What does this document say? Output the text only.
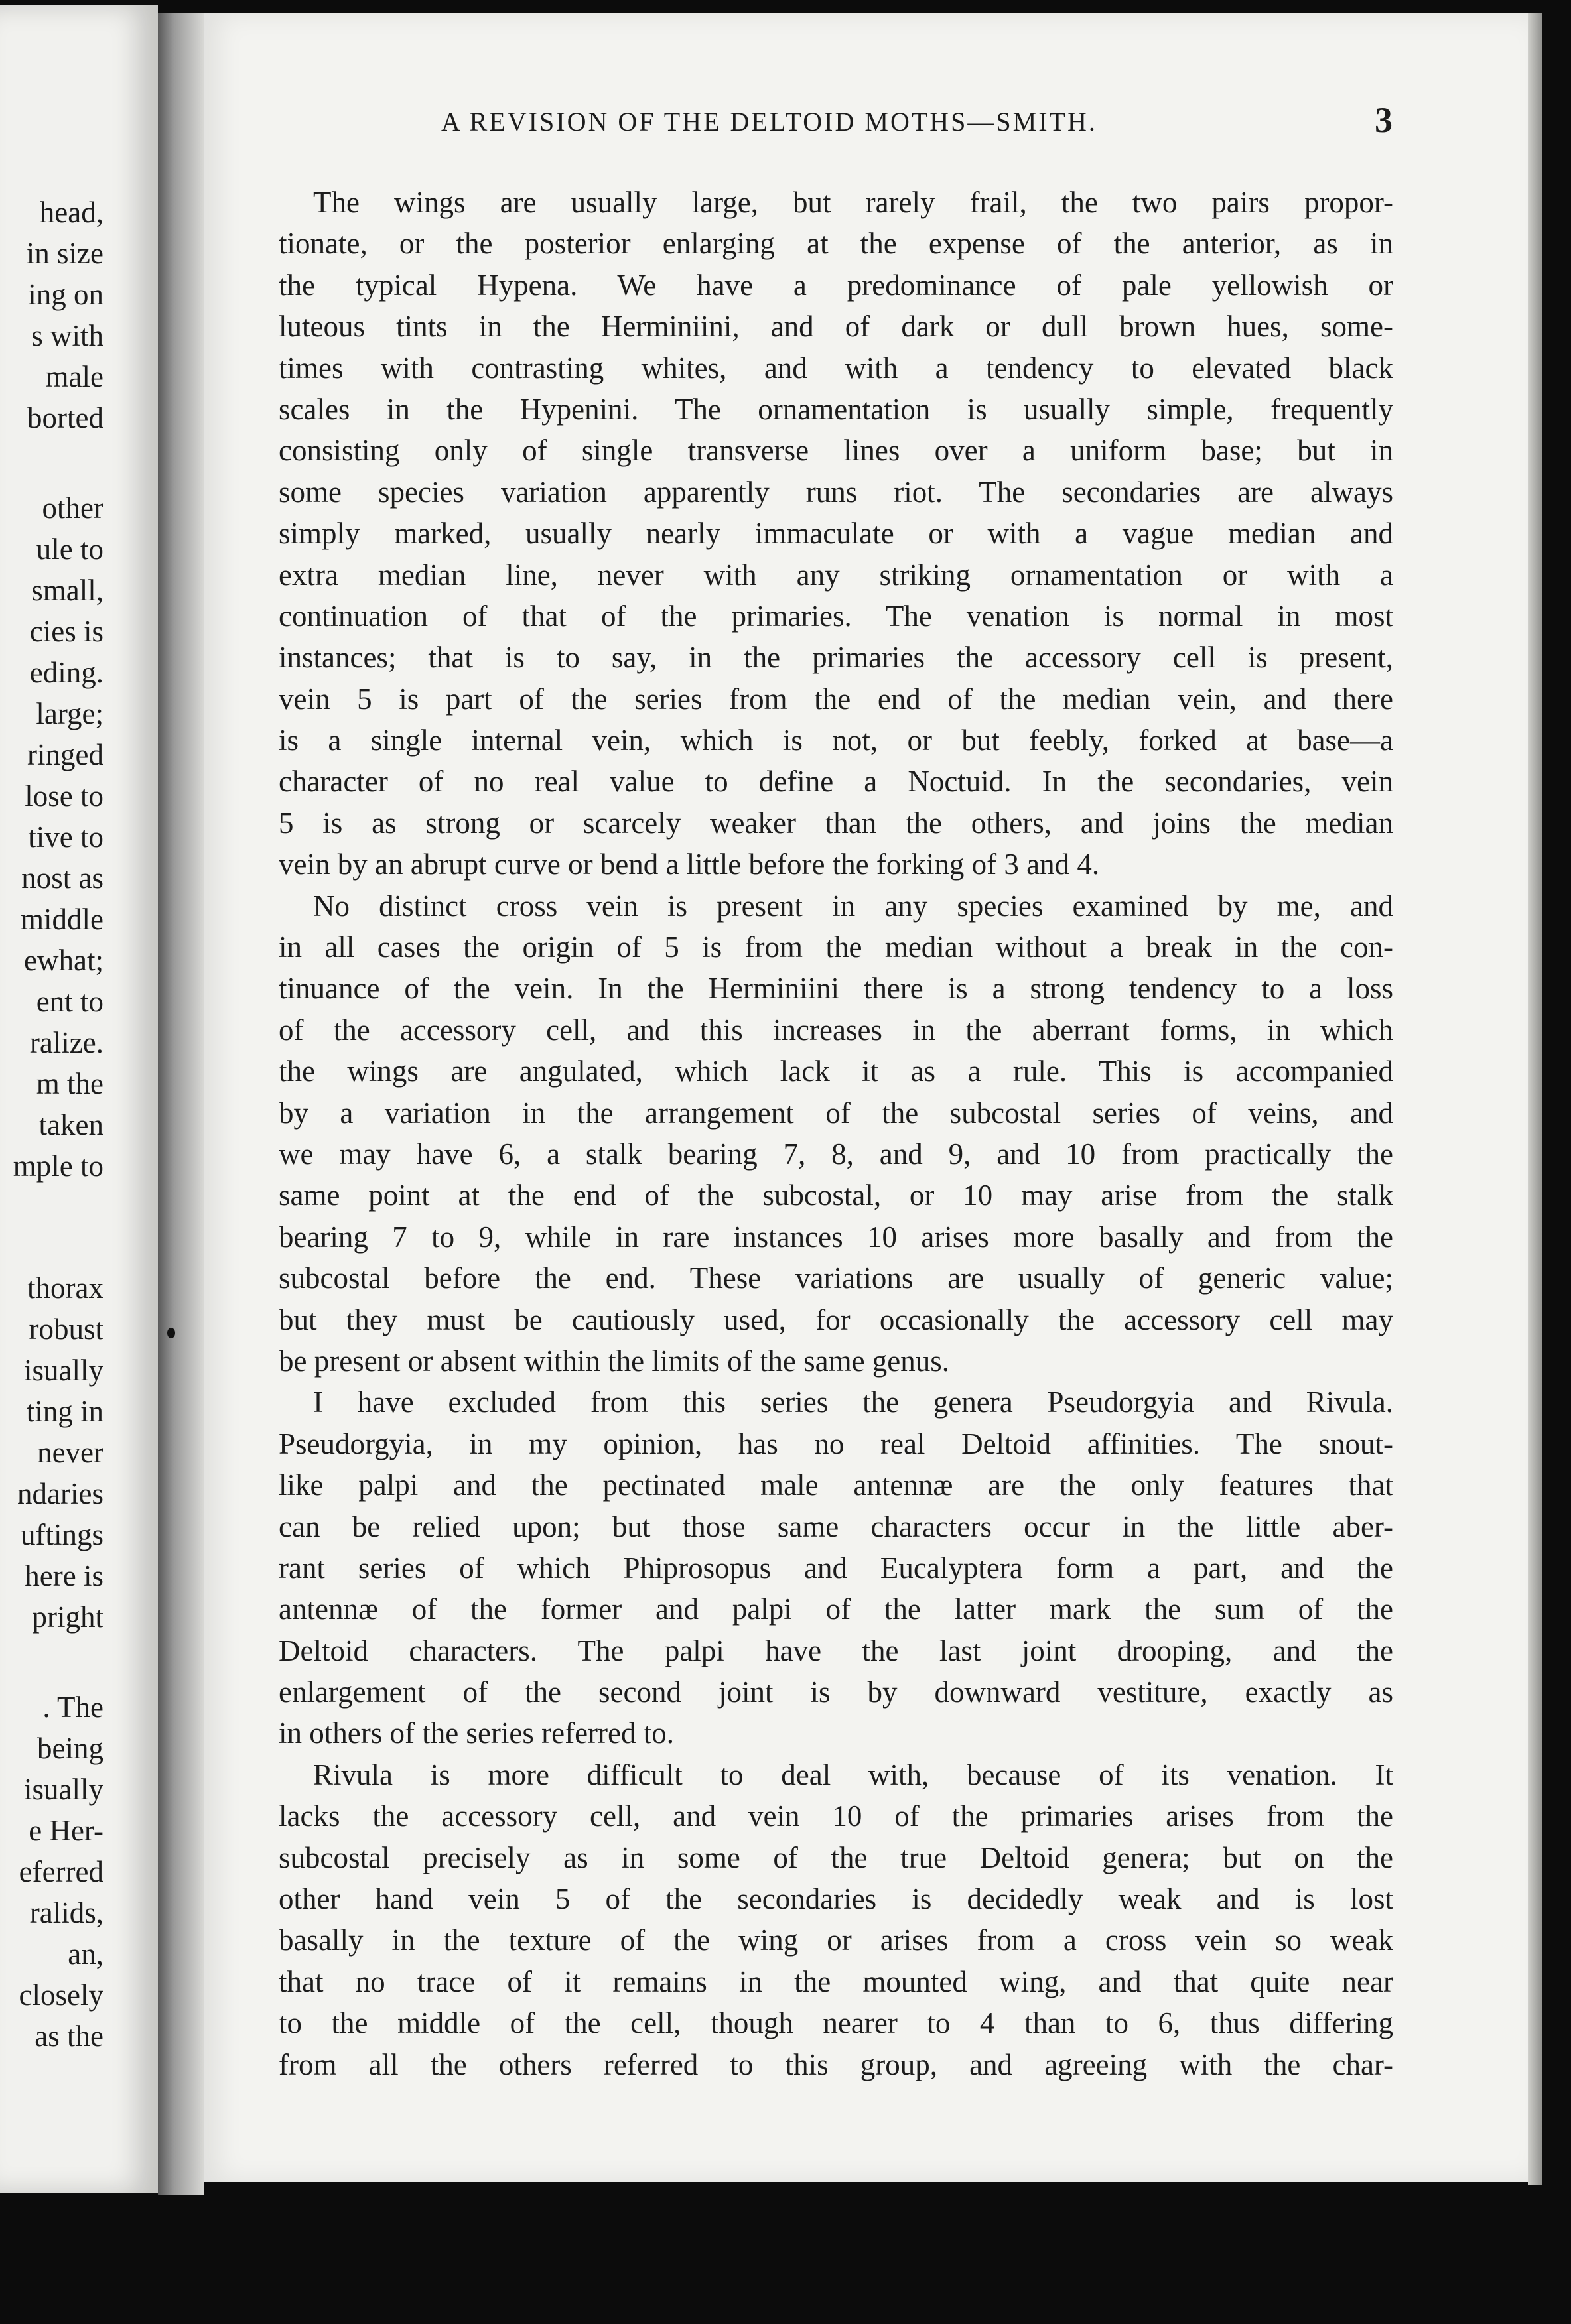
head,
in size
ing on
s with
male
borted
other
ule to
small,
cies is
eding.
large;
ringed
lose to
tive to
nost as
middle
ewhat;
ent to
ralize.
m the
taken
mple to
thorax
robust
isually
ting in
never
ndaries
uftings
here is
pright
. The
being
isually
e Her-
eferred
ralids,
an,
closely
as the
A REVISION OF THE DELTOID MOTHS—SMITH.	3
The wings are usually large, but rarely frail, the two pairs propor-
tionate, or the posterior enlarging at the expense of the anterior, as in
the typical Hypena. We have a predominance of pale yellowish or
luteous tints in the Herminiini, and of dark or dull brown hues, some-
times with contrasting whites, and with a tendency to elevated black
scales in the Hypenini. The ornamentation is usually simple, frequently
consisting only of single transverse lines over a uniform base; but in
some species variation apparently runs riot. The secondaries are always
simply marked, usually nearly immaculate or with a vague median and
extra median line, never with any striking ornamentation or with a
continuation of that of the primaries. The venation is normal in most
instances; that is to say, in the primaries the accessory cell is present,
vein 5 is part of the series from the end of the median vein, and there
is a single internal vein, which is not, or but feebly, forked at base—a
character of no real value to define a Noctuid. In the secondaries, vein
5 is as strong or scarcely weaker than the others, and joins the median
vein by an abrupt curve or bend a little before the forking of 3 and 4.
No distinct cross vein is present in any species examined by me, and
in all cases the origin of 5 is from the median without a break in the con-
tinuance of the vein. In the Herminiini there is a strong tendency to a loss
of the accessory cell, and this increases in the aberrant forms, in which
the wings are angulated, which lack it as a rule. This is accompanied
by a variation in the arrangement of the subcostal series of veins, and
we may have 6, a stalk bearing 7, 8, and 9, and 10 from practically the
same point at the end of the subcostal, or 10 may arise from the stalk
bearing 7 to 9, while in rare instances 10 arises more basally and from the
subcostal before the end. These variations are usually of generic value;
but they must be cautiously used, for occasionally the accessory cell may
be present or absent within the limits of the same genus.
I have excluded from this series the genera Pseudorgyia and Rivula.
Pseudorgyia, in my opinion, has no real Deltoid affinities. The snout-
like palpi and the pectinated male antennæ are the only features that
can be relied upon; but those same characters occur in the little aber-
rant series of which Phiprosopus and Eucalyptera form a part, and the
antennæ of the former and palpi of the latter mark the sum of the
Deltoid characters. The palpi have the last joint drooping, and the
enlargement of the second joint is by downward vestiture, exactly as
in others of the series referred to.
Rivula is more difficult to deal with, because of its venation. It
lacks the accessory cell, and vein 10 of the primaries arises from the
subcostal precisely as in some of the true Deltoid genera; but on the
other hand vein 5 of the secondaries is decidedly weak and is lost
basally in the texture of the wing or arises from a cross vein so weak
that no trace of it remains in the mounted wing, and that quite near
to the middle of the cell, though nearer to 4 than to 6, thus differing
from all the others referred to this group, and agreeing with the char-
